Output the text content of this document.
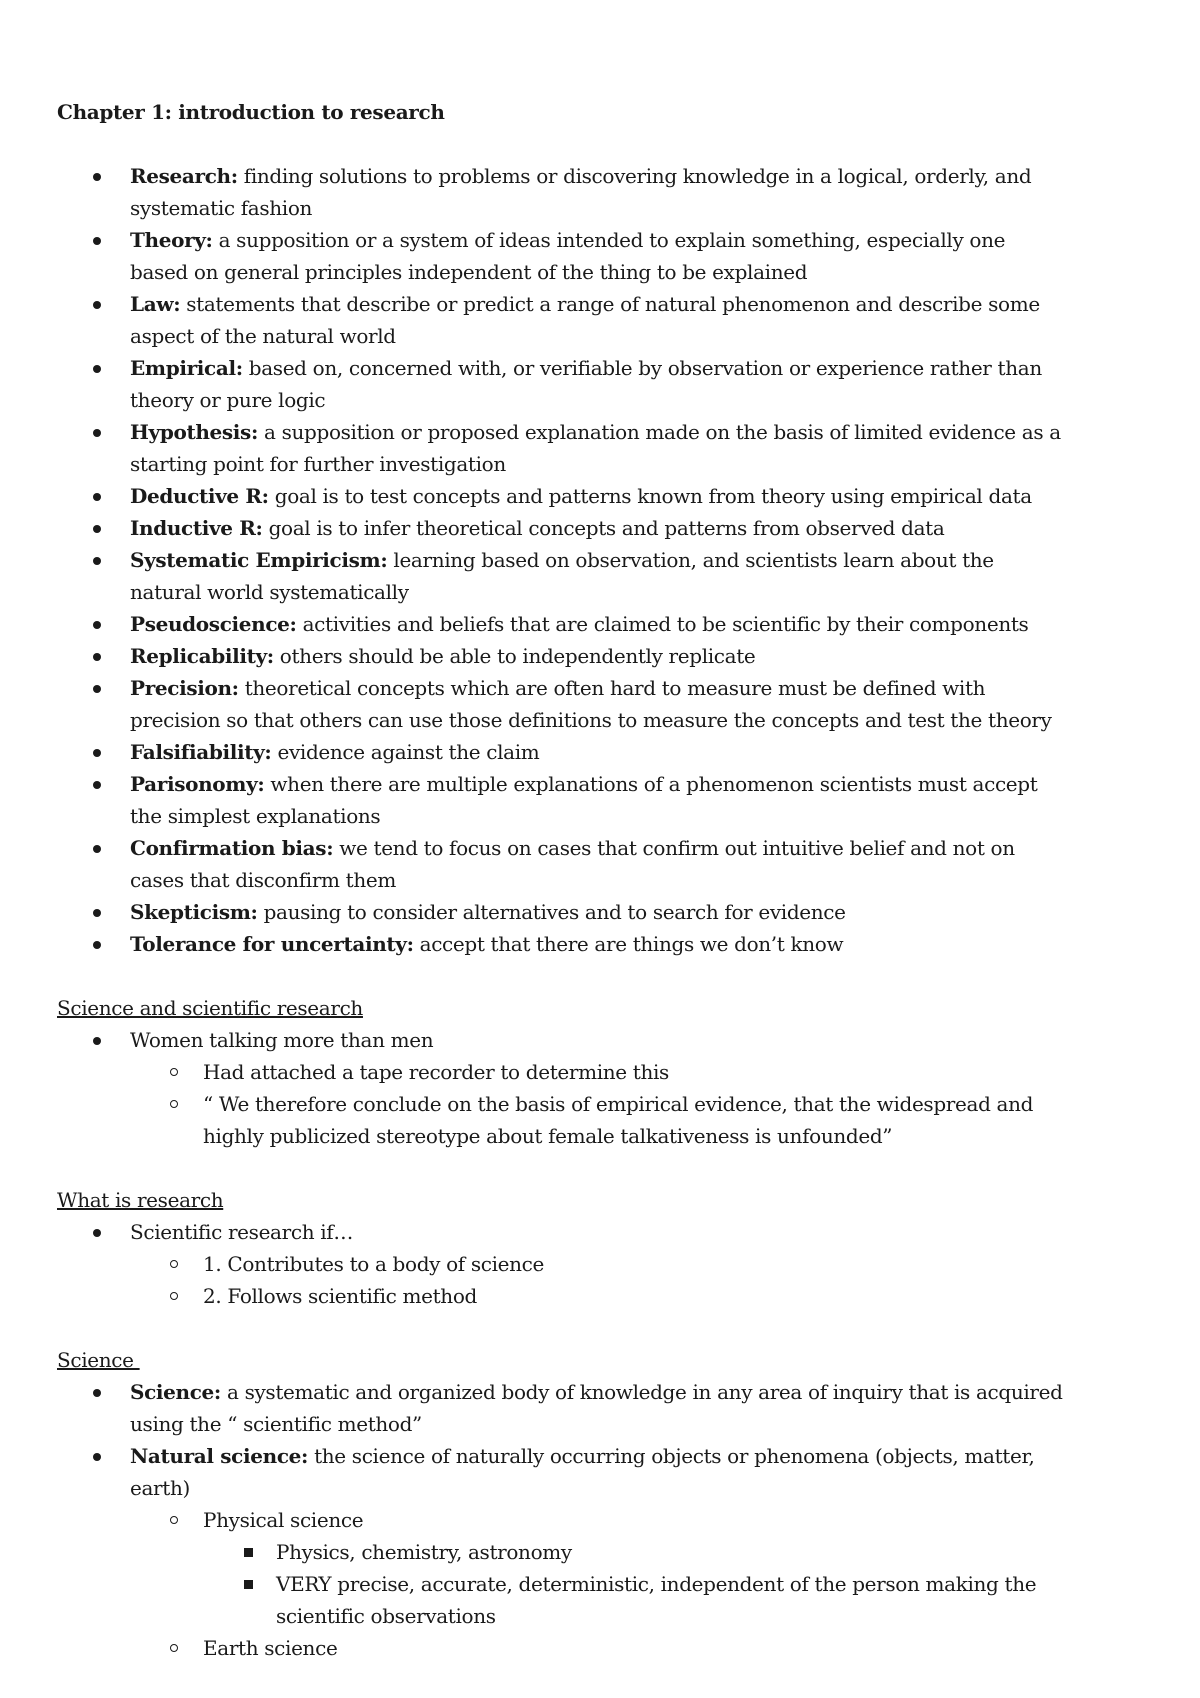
Chapter 1: introduction to research
Research: finding solutions to problems or discovering knowledge in a logical, orderly, and systematic fashion
Theory: a supposition or a system of ideas intended to explain something, especially one based on general principles independent of the thing to be explained
Law: statements that describe or predict a range of natural phenomenon and describe some aspect of the natural world
Empirical: based on, concerned with, or verifiable by observation or experience rather than theory or pure logic
Hypothesis: a supposition or proposed explanation made on the basis of limited evidence as a starting point for further investigation
Deductive R: goal is to test concepts and patterns known from theory using empirical data
Inductive R: goal is to infer theoretical concepts and patterns from observed data
Systematic Empiricism: learning based on observation, and scientists learn about the natural world systematically
Pseudoscience: activities and beliefs that are claimed to be scientific by their components
Replicability: others should be able to independently replicate
Precision: theoretical concepts which are often hard to measure must be defined with precision so that others can use those definitions to measure the concepts and test the theory
Falsifiability: evidence against the claim
Parisonomy: when there are multiple explanations of a phenomenon scientists must accept the simplest explanations
Confirmation bias: we tend to focus on cases that confirm out intuitive belief and not on cases that disconfirm them
Skepticism: pausing to consider alternatives and to search for evidence
Tolerance for uncertainty: accept that there are things we don’t know
Science and scientific research
Women talking more than men
Had attached a tape recorder to determine this
“ We therefore conclude on the basis of empirical evidence, that the widespread and highly publicized stereotype about female talkativeness is unfounded”
What is research
Scientific research if…
1. Contributes to a body of science
2. Follows scientific method
Science
Science: a systematic and organized body of knowledge in any area of inquiry that is acquired using the “ scientific method”
Natural science: the science of naturally occurring objects or phenomena (objects, matter, earth)
Physical science
Physics, chemistry, astronomy
VERY precise, accurate, deterministic, independent of the person making the scientific observations
Earth science
